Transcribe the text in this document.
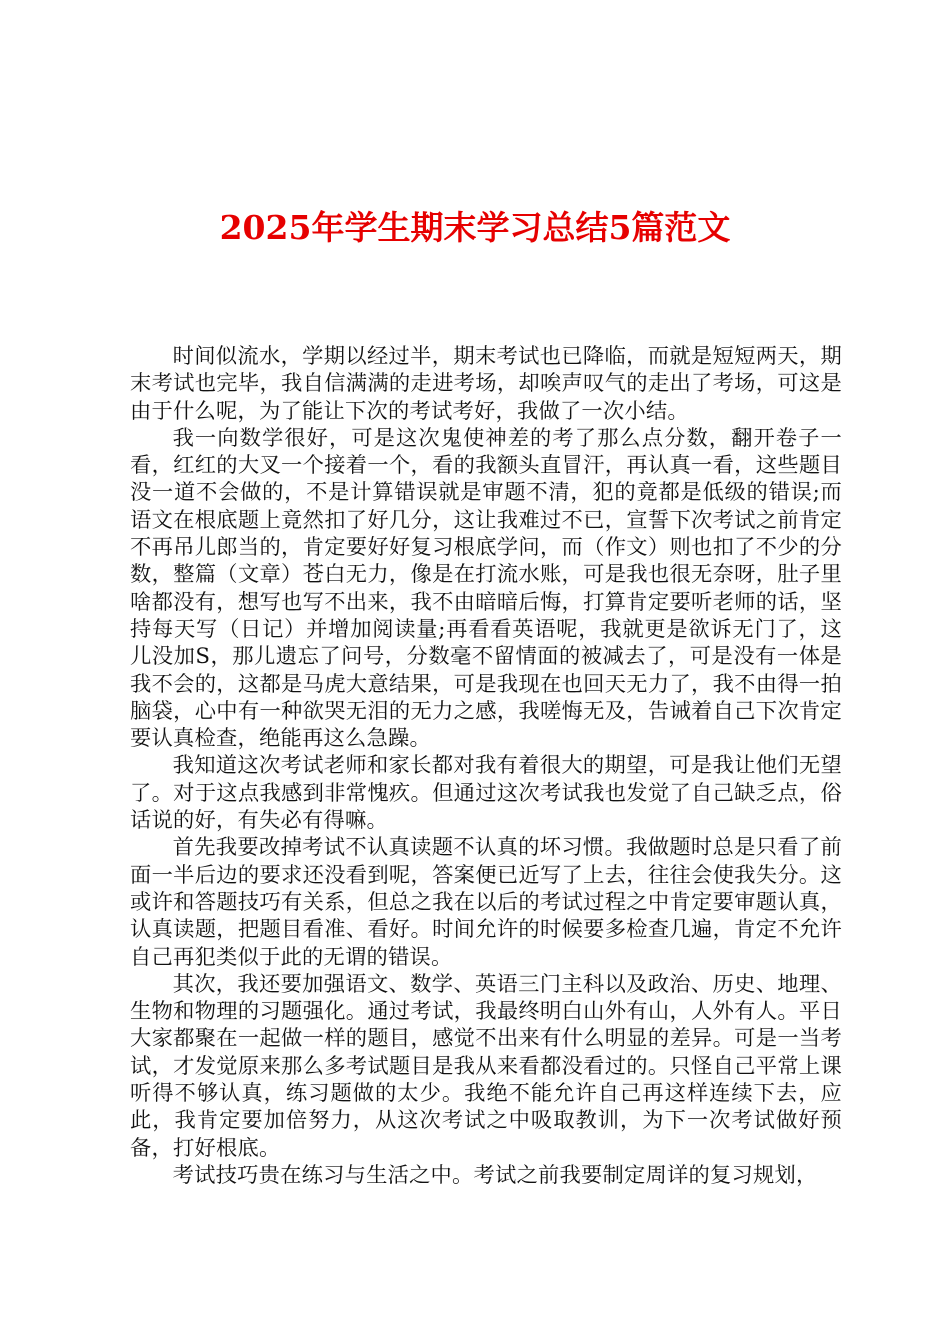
2025年学生期末学习总结5篇范文

时间似流水，学期以经过半，期末考试也已降临，而就是短短两天，期末考试也完毕，我自信满满的走进考场，却唉声叹气的走出了考场，可这是由于什么呢，为了能让下次的考试考好，我做了一次小结。

我一向数学很好，可是这次鬼使神差的考了那么点分数，翻开卷子一看，红红的大叉一个接着一个，看的我额头直冒汗，再认真一看，这些题目没一道不会做的，不是计算错误就是审题不清，犯的竟都是低级的错误;而语文在根底题上竟然扣了好几分，这让我难过不已，宣誓下次考试之前肯定不再吊儿郎当的，肯定要好好复习根底学问，而（作文）则也扣了不少的分数，整篇（文章）苍白无力，像是在打流水账，可是我也很无奈呀，肚子里啥都没有，想写也写不出来，我不由暗暗后悔，打算肯定要听老师的话，坚持每天写（日记）并增加阅读量;再看看英语呢，我就更是欲诉无门了，这儿没加S，那儿遗忘了问号，分数毫不留情面的被减去了，可是没有一体是我不会的，这都是马虎大意结果，可是我现在也回天无力了，我不由得一拍脑袋，心中有一种欲哭无泪的无力之感，我嗟悔无及，告诫着自己下次肯定要认真检查，绝能再这么急躁。

我知道这次考试老师和家长都对我有着很大的期望，可是我让他们无望了。对于这点我感到非常愧疚。但通过这次考试我也发觉了自己缺乏点，俗话说的好，有失必有得嘛。

首先我要改掉考试不认真读题不认真的坏习惯。我做题时总是只看了前面一半后边的要求还没看到呢，答案便已近写了上去，往往会使我失分。这或许和答题技巧有关系，但总之我在以后的考试过程之中肯定要审题认真，认真读题，把题目看准、看好。时间允许的时候要多检查几遍，肯定不允许自己再犯类似于此的无谓的错误。

其次，我还要加强语文、数学、英语三门主科以及政治、历史、地理、生物和物理的习题强化。通过考试，我最终明白山外有山，人外有人。平日大家都聚在一起做一样的题目，感觉不出来有什么明显的差异。可是一当考试，才发觉原来那么多考试题目是我从来看都没看过的。只怪自己平常上课听得不够认真，练习题做的太少。我绝不能允许自己再这样连续下去，应此，我肯定要加倍努力，从这次考试之中吸取教训，为下一次考试做好预备，打好根底。

考试技巧贵在练习与生活之中。考试之前我要制定周详的复习规划，
